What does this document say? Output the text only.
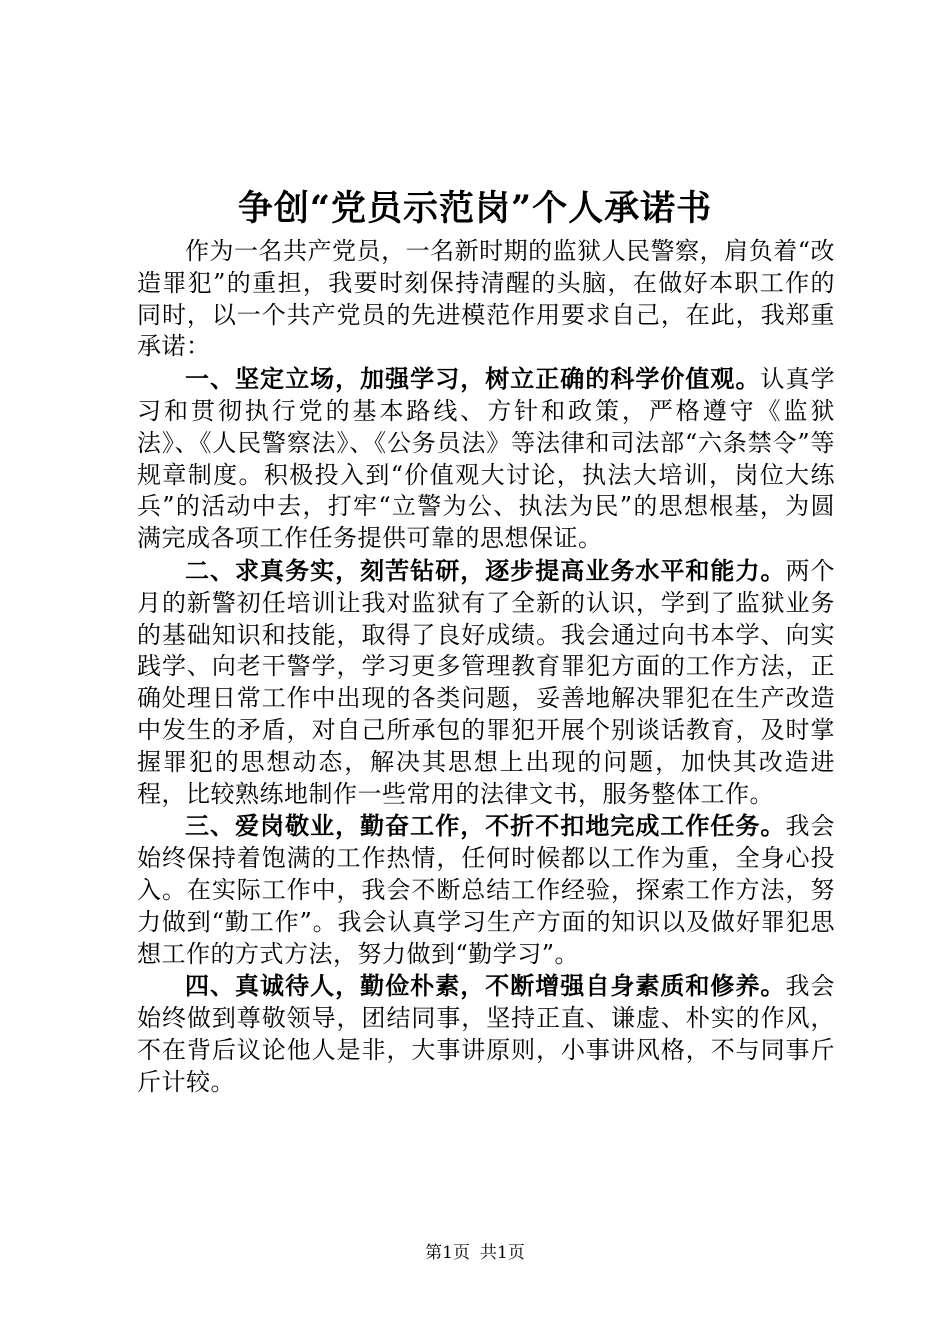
争创“党员示范岗”个人承诺书

作为一名共产党员，一名新时期的监狱人民警察，肩负着“改造罪犯”的重担，我要时刻保持清醒的头脑，在做好本职工作的同时，以一个共产党员的先进模范作用要求自己，在此，我郑重承诺：

一、坚定立场，加强学习，树立正确的科学价值观。认真学习和贯彻执行党的基本路线、方针和政策，严格遵守《监狱法》、《人民警察法》、《公务员法》等法律和司法部“六条禁令”等规章制度。积极投入到“价值观大讨论，执法大培训，岗位大练兵”的活动中去，打牢“立警为公、执法为民”的思想根基，为圆满完成各项工作任务提供可靠的思想保证。

二、求真务实，刻苦钻研，逐步提高业务水平和能力。两个月的新警初任培训让我对监狱有了全新的认识，学到了监狱业务的基础知识和技能，取得了良好成绩。我会通过向书本学、向实践学、向老干警学，学习更多管理教育罪犯方面的工作方法，正确处理日常工作中出现的各类问题，妥善地解决罪犯在生产改造中发生的矛盾，对自己所承包的罪犯开展个别谈话教育，及时掌握罪犯的思想动态，解决其思想上出现的问题，加快其改造进程，比较熟练地制作一些常用的法律文书，服务整体工作。

三、爱岗敬业，勤奋工作，不折不扣地完成工作任务。我会始终保持着饱满的工作热情，任何时候都以工作为重，全身心投入。在实际工作中，我会不断总结工作经验，探索工作方法，努力做到“勤工作”。我会认真学习生产方面的知识以及做好罪犯思想工作的方式方法，努力做到“勤学习”。

四、真诚待人，勤俭朴素，不断增强自身素质和修养。我会始终做到尊敬领导，团结同事，坚持正直、谦虚、朴实的作风，不在背后议论他人是非，大事讲原则，小事讲风格，不与同事斤斤计较。

第1页 共1页
